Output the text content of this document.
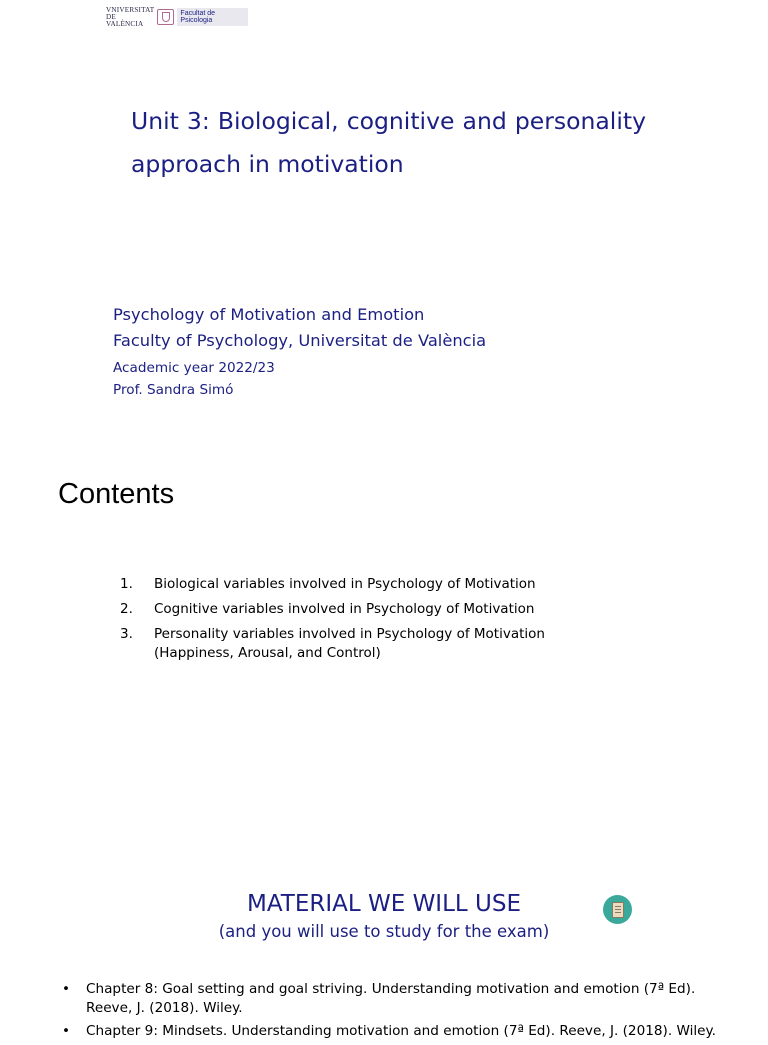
VNIVERSITAT
DE VALÈNCIA
Facultat de Psicologia
Unit 3: Biological, cognitive and personality
approach in motivation
Psychology of Motivation and Emotion
Faculty of Psychology, Universitat de València
Academic year 2022/23
Prof. Sandra Simó
Contents
1.	Biological variables involved in Psychology of Motivation
2.	Cognitive variables involved in Psychology of Motivation
3.	Personality variables involved in Psychology of Motivation (Happiness, Arousal, and Control)
MATERIAL WE WILL USE
(and you will use to study for the exam)
•	Chapter 8: Goal setting and goal striving. Understanding motivation and emotion (7ª Ed). Reeve, J. (2018). Wiley.
•	Chapter 9: Mindsets. Understanding motivation and emotion (7ª Ed). Reeve, J. (2018). Wiley.
